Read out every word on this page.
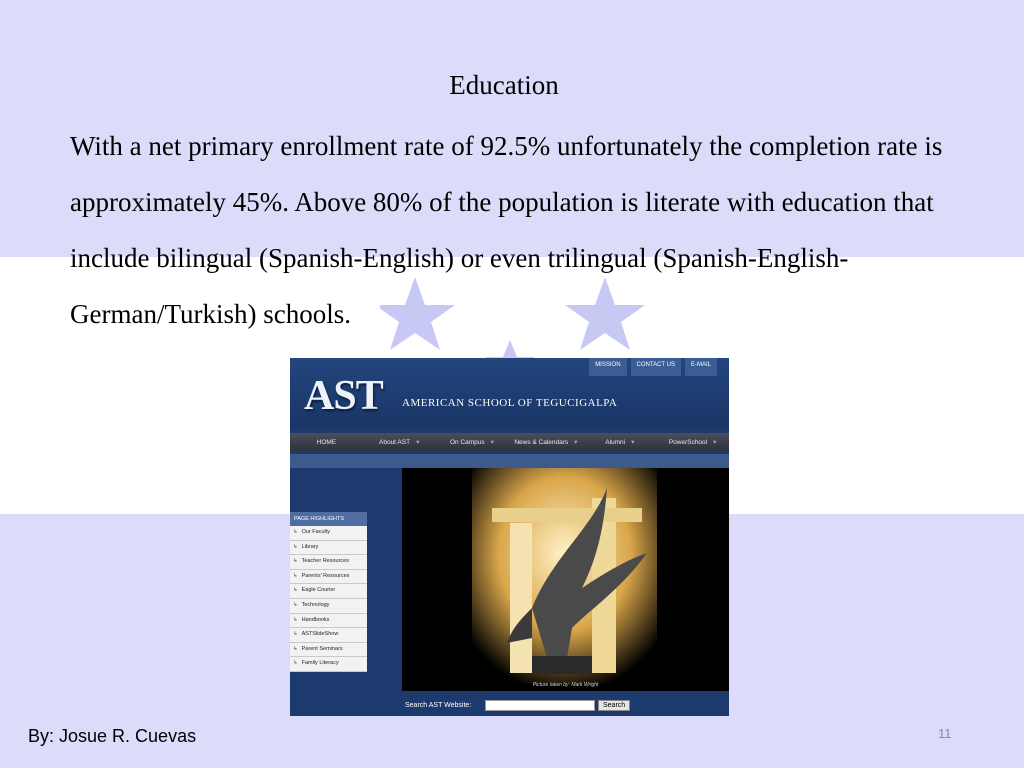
Education
With a net primary enrollment rate of 92.5% unfortunately the completion rate is approximately 45%. Above 80% of the population is literate with education that include bilingual (Spanish-English) or even trilingual (Spanish-English-German/Turkish) schools.
MISSION	CONTACT US	E-MAIL
AST AMERICAN SCHOOL OF TEGUCIGALPA
HOME	About AST ▾	On Campus ▾	News & Calendars ▾	Alumni ▾	PowerSchool ▾
PAGE HIGHLIGHTS
↳ Our Faculty
↳ Library
↳ Teacher Resources
↳ Parents' Resources
↳ Eagle Courier
↳ Technology
↳ Handbooks
↳ ASTSlideShow
↳ Parent Seminars
↳ Family Literacy
Picture taken by: Mark Wright
Search AST Website:	Search
By: Josue R. Cuevas	11
